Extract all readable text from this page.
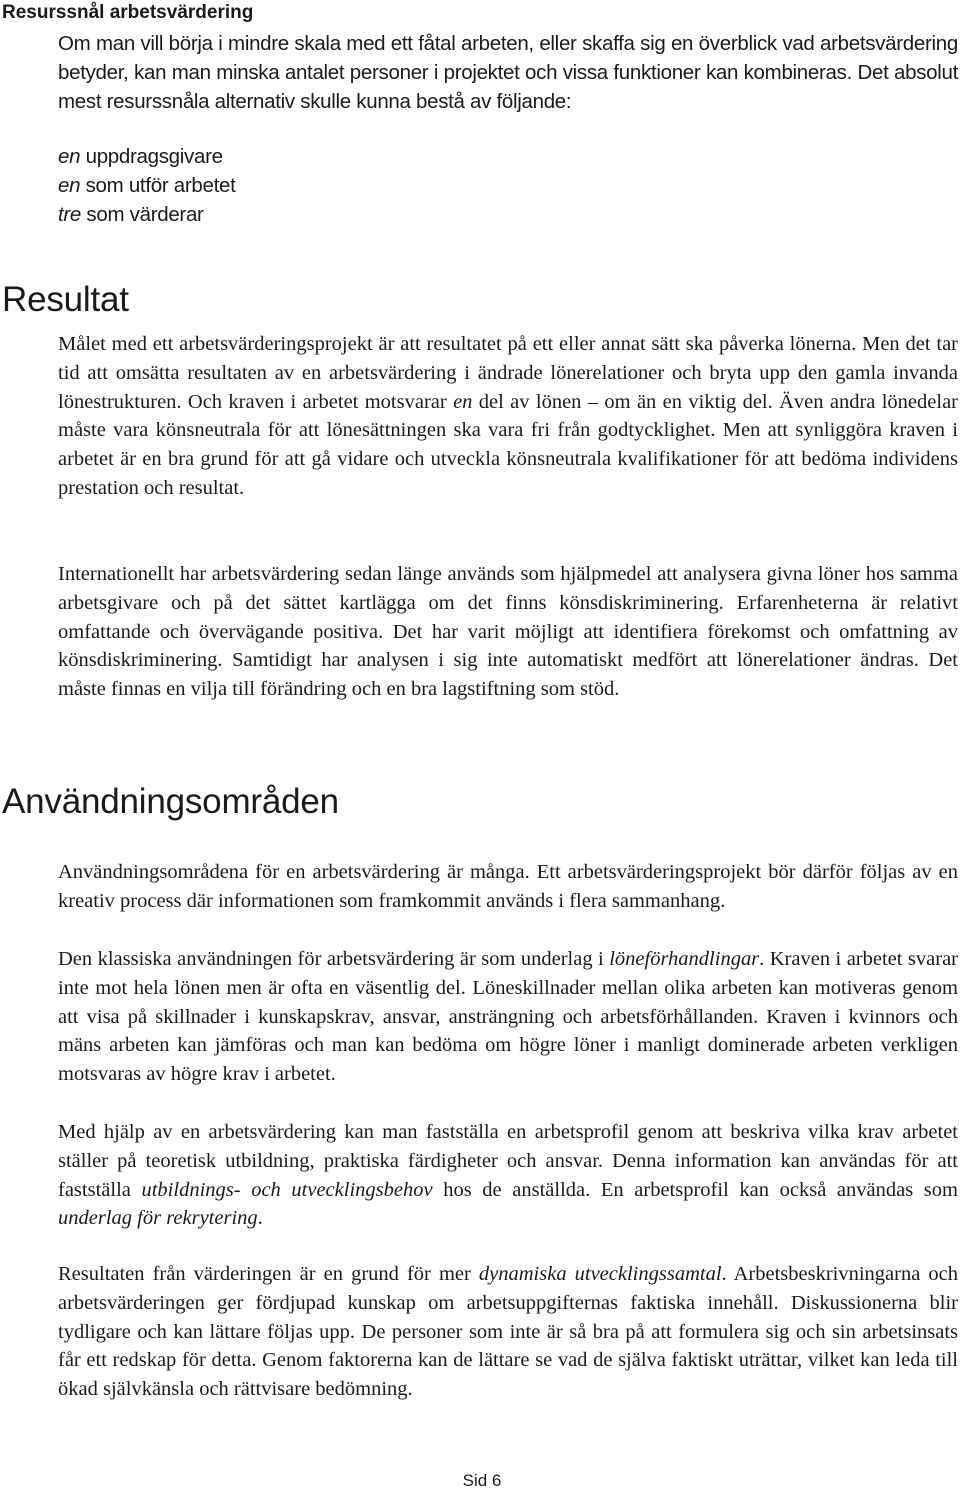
Resurssnål arbetsvärdering

Om man vill börja i mindre skala med ett fåtal arbeten, eller skaffa sig en överblick vad arbetsvärdering betyder, kan man minska antalet personer i projektet och vissa funktioner kan kombineras. Det absolut mest resurssnåla alternativ skulle kunna bestå av följande:

en uppdragsgivare
en som utför arbetet
tre som värderar
Resultat

Målet med ett arbetsvärderingsprojekt är att resultatet på ett eller annat sätt ska påverka lönerna. Men det tar tid att omsätta resultaten av en arbetsvärdering i ändrade lönerelationer och bryta upp den gamla invanda lönestrukturen. Och kraven i arbetet motsvarar en del av lönen – om än en viktig del. Även andra lönedelar måste vara könsneutrala för att lönesättningen ska vara fri från godtycklighet. Men att synliggöra kraven i arbetet är en bra grund för att gå vidare och utveckla könsneutrala kvalifikationer för att bedöma individens prestation och resultat.

Internationellt har arbetsvärdering sedan länge används som hjälpmedel att analysera givna löner hos samma arbetsgivare och på det sättet kartlägga om det finns könsdiskriminering. Erfarenheterna är relativt omfattande och övervägande positiva. Det har varit möjligt att identifiera förekomst och omfattning av könsdiskriminering. Samtidigt har analysen i sig inte automatiskt medfört att lönerelationer ändras. Det måste finnas en vilja till förändring och en bra lagstiftning som stöd.

Användningsområden

Användningsområdena för en arbetsvärdering är många. Ett arbetsvärderingsprojekt bör därför följas av en kreativ process där informationen som framkommit används i flera sammanhang.

Den klassiska användningen för arbetsvärdering är som underlag i löneförhandlingar. Kraven i arbetet svarar inte mot hela lönen men är ofta en väsentlig del. Löneskillnader mellan olika arbeten kan motiveras genom att visa på skillnader i kunskapskrav, ansvar, ansträngning och arbetsförhållanden. Kraven i kvinnors och mäns arbeten kan jämföras och man kan bedöma om högre löner i manligt dominerade arbeten verkligen motsvaras av högre krav i arbetet.

Med hjälp av en arbetsvärdering kan man fastställa en arbetsprofil genom att beskriva vilka krav arbetet ställer på teoretisk utbildning, praktiska färdigheter och ansvar. Denna information kan användas för att fastställa utbildnings- och utvecklingsbehov hos de anställda. En arbetsprofil kan också användas som underlag för rekrytering.

Resultaten från värderingen är en grund för mer dynamiska utvecklingssamtal. Arbetsbeskrivningarna och arbetsvärderingen ger fördjupad kunskap om arbetsuppgifternas faktiska innehåll. Diskussionerna blir tydligare och kan lättare följas upp. De personer som inte är så bra på att formulera sig och sin arbetsinsats får ett redskap för detta. Genom faktorerna kan de lättare se vad de själva faktiskt uträttar, vilket kan leda till ökad självkänsla och rättvisare bedömning.

Sid 6
